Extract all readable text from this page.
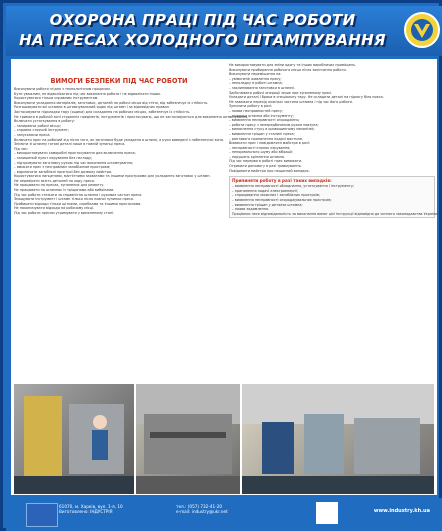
ОХОРОНА ПРАЦІ ПІД ЧАС РОБОТИ
НА ПРЕСАХ ХОЛОДНОГО ШТАМПУВАННЯ
ВИМОГИ БЕЗПЕКИ ПІД ЧАС РОБОТИ
Виконувати роботи згідно з технологічним процесом.
Бути уважним, не відволікатися під час виконання роботи і не відволікати інших.
Користуватися тільки справним інструментом.
Виконувати укладання матеріалів, заготовок, деталей на робочі місця від стіни, від забезпечує їх стійкість.
Розташовувати всі штампи в штампувальний ящик під штамп і за відповідних правил.
Застосовувати підкладки тару (ящики) для складання на робочих місцях, забезпечує їх стійкість.
Не тримати в робочій зоні сторонніх предметів, інструментів і пристосувань, що не застосовуються для виконання штампування.
Включати устаткування в роботу:
– запираючи робочі місця;
– справно стоячий інструмент;
– запускаючи преса.
Включати прес на робочий хід після того, як заготовка буде укладена в штамп, а руки виведені з небезпечної зони.
Знімати зі штампу готові деталі лише в повній зупинці преса.
Під час:
– використовувати саморобні пристосування для включення преса;
– залишений пульт керування без нагляду;
– підтримувати заготовку рукою під час виконання штампування;
– вмикати прес з несправним запобіжним пристроєм;
– відключати запобіжні пристрої без дозволу майстра.
Користуватися пинцетами, магнітними захватами та іншими пристроями для укладання заготовок у штамп.
Не перевіряти якість деталей на ходу преса.
Не працювати на пресах, зупинених для ремонту.
Не працювати на штампах із тріщинами або вибоїнами.
Під час роботи стежити за справністю штампа і рухомих частин преса.
Змащувати інструмент і штамп тільки після повної зупинки преса.
Прибирати відходи тільки щітками, скребками та іншими пристроями.
Не накопичувати відходи на робочому місці.
Під час роботи пресом утримувати у вимкненому стані.
Не використовувати для зміни одягу та інших виробничих приміщень.
Виконувати прибирання робочого місця після закінчення роботи.
Виконувати переміщення на:
– увімкнене живлення пресу;
– неполадку в роботі штампа;
– заклинювання заготовки в штампі.
Здійснювати робочі операції лише при зупиненому пресі.
Укладати деталі і браки в спеціальну тару. Не складати деталі на підлогу біля преса.
Не заважати перехід нижньої частини штампа і під час його роботи.
Зупинити роботу в разі:
– появи несправностей пресу;
– поломки штампа або інструменту;
– виявлення несправності огороджень;
– роботи пресу з непередбаченим рухом повзуна;
– виникнення стуку в кривошипному механізмі;
– виявлення тріщин у станині преса;
– раптового припинення подачі мастила.
Вимикати прес і повідомляти майстра в разі:
– несправності кнопок керування;
– ненормального шуму або вібрації;
– порушень кріплення штампа.
Під час перерви в роботі прес вимикати.
Отримати допомогу в разі травмування.
Повідомити майстра про нещасний випадок.
Припиняти роботу в разі таких випадків:
– виявлення несправності обладнання, устаткування і інструменту;
– припинення подачі електроенергії;
– спрацювання захисних і запобіжних пристроїв;
– виявлення несправності огороджувальних пристроїв;
– виявлення тріщин у деталях штампа;
– появи задимлення.
Працівник несе відповідальність за виконання вимог цієї інструкції відповідно до чинного законодавства України.
61070, м. Харків, вул. 1-я, 10
Виготовлено: ІНДУСТРІЯ
тел.: (057) 732-41-20
e-mail: industry@ukr.net	www.industry.kh.ua
